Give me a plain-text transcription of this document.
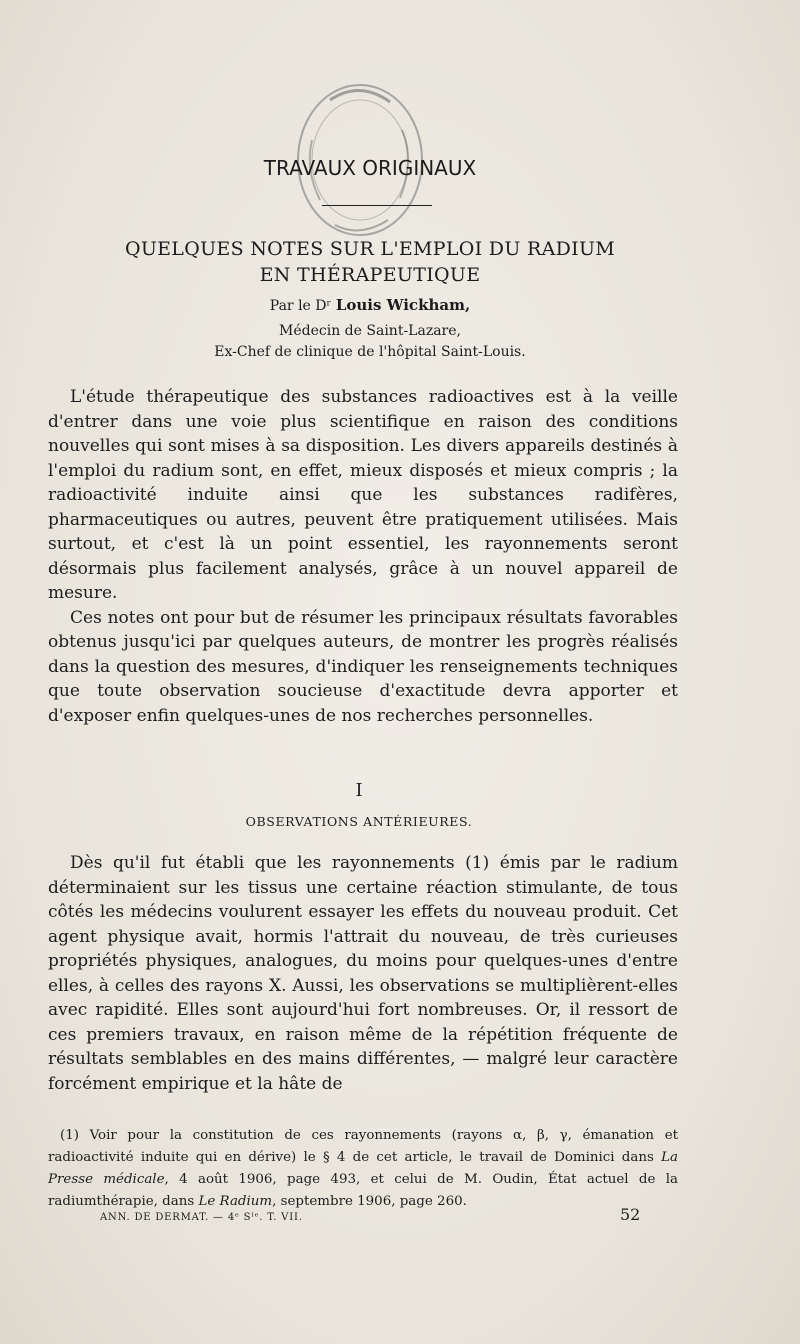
TRAVAUX ORIGINAUX
QUELQUES NOTES SUR L'EMPLOI DU RADIUM
EN THÉRAPEUTIQUE
Par le Dʳ Louis Wickham,
Médecin de Saint-Lazare,
Ex-Chef de clinique de l'hôpital Saint-Louis.

L'étude thérapeutique des substances radioactives est à la veille d'entrer dans une voie plus scientifique en raison des conditions nouvelles qui sont mises à sa disposition. Les divers appareils destinés à l'emploi du radium sont, en effet, mieux disposés et mieux compris ; la radioactivité induite ainsi que les substances radifères, pharmaceutiques ou autres, peuvent être pratiquement utilisées. Mais surtout, et c'est là un point essentiel, les rayonnements seront désormais plus facilement analysés, grâce à un nouvel appareil de mesure.

Ces notes ont pour but de résumer les principaux résultats favorables obtenus jusqu'ici par quelques auteurs, de montrer les progrès réalisés dans la question des mesures, d'indiquer les renseignements techniques que toute observation soucieuse d'exactitude devra apporter et d'exposer enfin quelques-unes de nos recherches personnelles.

I
OBSERVATIONS ANTÉRIEURES.

Dès qu'il fut établi que les rayonnements (1) émis par le radium déterminaient sur les tissus une certaine réaction stimulante, de tous côtés les médecins voulurent essayer les effets du nouveau produit. Cet agent physique avait, hormis l'attrait du nouveau, de très curieuses propriétés physiques, analogues, du moins pour quelques-unes d'entre elles, à celles des rayons X. Aussi, les observations se multiplièrent-elles avec rapidité. Elles sont aujourd'hui fort nombreuses. Or, il ressort de ces premiers travaux, en raison même de la répétition fréquente de résultats semblables en des mains différentes, — malgré leur caractère forcément empirique et la hâte de

(1) Voir pour la constitution de ces rayonnements (rayons α, β, γ, émanation et radioactivité induite qui en dérive) le § 4 de cet article, le travail de Dominici dans La Presse médicale, 4 août 1906, page 493, et celui de M. Oudin, État actuel de la radiumthérapie, dans Le Radium, septembre 1906, page 260.

ANN. DE DERMAT. — 4ᵉ Sᴵᵉ. T. VII.	52
